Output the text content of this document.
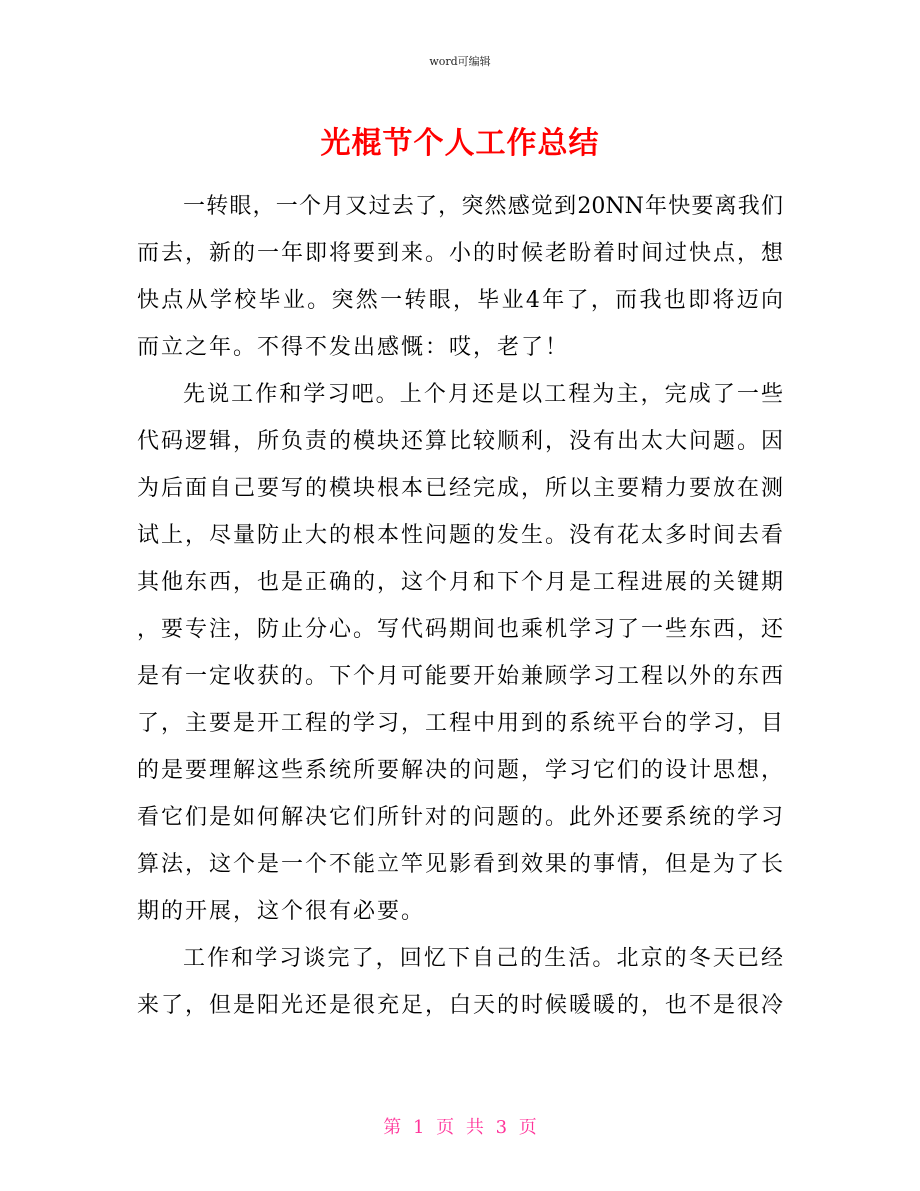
word可编辑
光棍节个人工作总结
一转眼，一个月又过去了，突然感觉到20NN年快要离我们
而去，新的一年即将要到来。小的时候老盼着时间过快点，想
快点从学校毕业。突然一转眼，毕业4年了，而我也即将迈向
而立之年。不得不发出感慨：哎，老了！
先说工作和学习吧。上个月还是以工程为主，完成了一些
代码逻辑，所负责的模块还算比较顺利，没有出太大问题。因
为后面自己要写的模块根本已经完成，所以主要精力要放在测
试上，尽量防止大的根本性问题的发生。没有花太多时间去看
其他东西，也是正确的，这个月和下个月是工程进展的关键期
，要专注，防止分心。写代码期间也乘机学习了一些东西，还
是有一定收获的。下个月可能要开始兼顾学习工程以外的东西
了，主要是开工程的学习，工程中用到的系统平台的学习，目
的是要理解这些系统所要解决的问题，学习它们的设计思想，
看它们是如何解决它们所针对的问题的。此外还要系统的学习
算法，这个是一个不能立竿见影看到效果的事情，但是为了长
期的开展，这个很有必要。
工作和学习谈完了，回忆下自己的生活。北京的冬天已经
来了，但是阳光还是很充足，白天的时候暖暖的，也不是很冷
第 1 页 共 3 页
